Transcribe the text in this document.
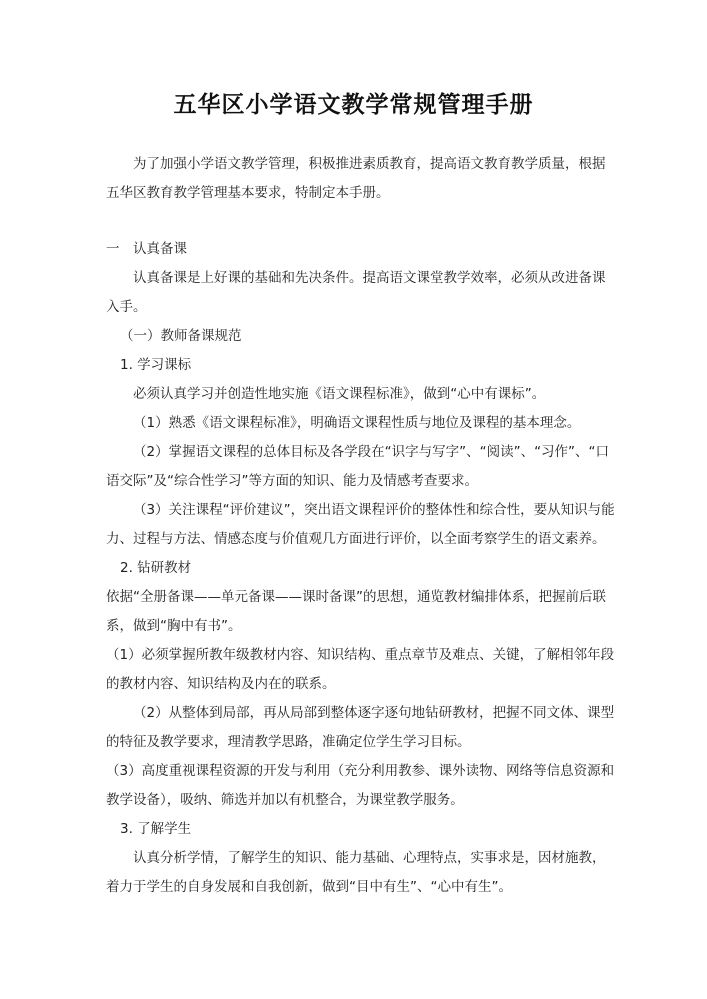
五华区小学语文教学常规管理手册

为了加强小学语文教学管理，积极推进素质教育，提高语文教育教学质量，根据五华区教育教学管理基本要求，特制定本手册。

一　认真备课

认真备课是上好课的基础和先决条件。提高语文课堂教学效率，必须从改进备课入手。

（一）教师备课规范

1. 学习课标

必须认真学习并创造性地实施《语文课程标准》，做到“心中有课标”。

（1）熟悉《语文课程标准》，明确语文课程性质与地位及课程的基本理念。

（2）掌握语文课程的总体目标及各学段在“识字与写字”、“阅读”、“习作”、“口语交际”及“综合性学习”等方面的知识、能力及情感考查要求。

（3）关注课程“评价建议”，突出语文课程评价的整体性和综合性，要从知识与能力、过程与方法、情感态度与价值观几方面进行评价，以全面考察学生的语文素养。

2. 钻研教材

依据“全册备课——单元备课——课时备课”的思想，通览教材编排体系，把握前后联系，做到“胸中有书”。

（1）必须掌握所教年级教材内容、知识结构、重点章节及难点、关键，了解相邻年段的教材内容、知识结构及内在的联系。

（2）从整体到局部，再从局部到整体逐字逐句地钻研教材，把握不同文体、课型的特征及教学要求，理清教学思路，准确定位学生学习目标。

（3）高度重视课程资源的开发与利用（充分利用教参、课外读物、网络等信息资源和教学设备），吸纳、筛选并加以有机整合，为课堂教学服务。

3. 了解学生

认真分析学情，了解学生的知识、能力基础、心理特点，实事求是，因材施教，着力于学生的自身发展和自我创新，做到“目中有生”、“心中有生”。
